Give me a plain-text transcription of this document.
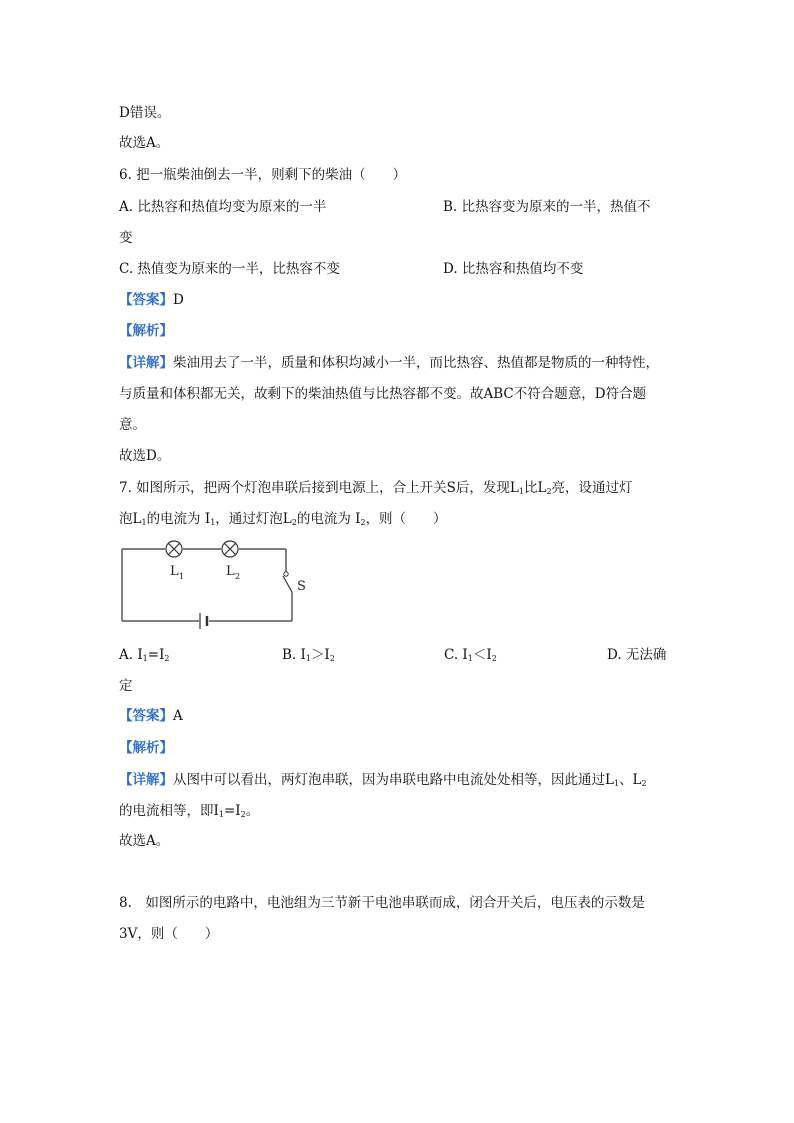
D错误。
故选A。
6. 把一瓶柴油倒去一半，则剩下的柴油（　　）
A. 比热容和热值均变为原来的一半	B. 比热容变为原来的一半，热值不
变
C. 热值变为原来的一半，比热容不变	D. 比热容和热值均不变
【答案】D
【解析】
【详解】柴油用去了一半，质量和体积均减小一半，而比热容、热值都是物质的一种特性，
与质量和体积都无关，故剩下的柴油热值与比热容都不变。故ABC不符合题意，D符合题
意。
故选D。
7. 如图所示，把两个灯泡串联后接到电源上，合上开关S后，发现$L_1$比$L_2$亮，设通过灯
泡$L_1$的电流为 $I_1$，通过灯泡$L_2$的电流为 $I_2$，则（　　）
L 1	L 2
S
A. $I_1=I_2$	B. $I_1>I_2$	C. $I_1<I_2$	D. 无法确
定
【答案】A
【解析】
【详解】从图中可以看出，两灯泡串联，因为串联电路中电流处处相等，因此通过$L_1$、$L_2$
的电流相等，即$I_1=I_2$。
故选A。
8.　如图所示的电路中，电池组为三节新干电池串联而成，闭合开关后，电压表的示数是
3V，则（　　）
